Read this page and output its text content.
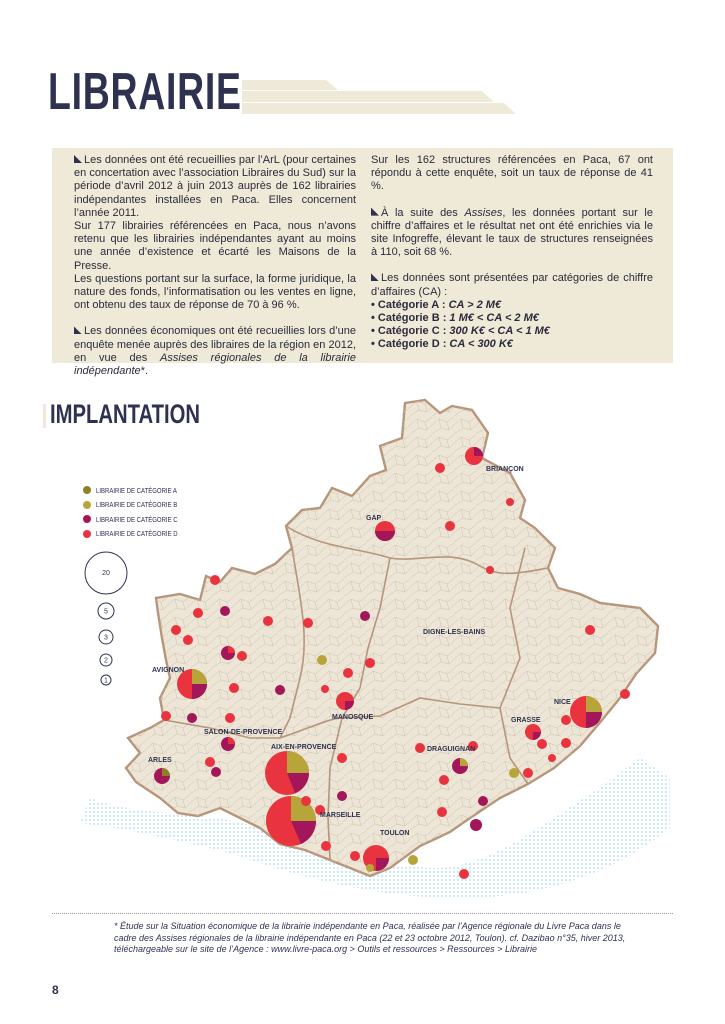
LIBRAIRIE

Les données ont été recueillies par l’ArL (pour certaines en concertation avec l’association Libraires du Sud) sur la période d’avril 2012 à juin 2013 auprès de 162 librairies indépendantes installées en Paca. Elles concernent l’année 2011.

Sur 177 librairies référencées en Paca, nous n’avons retenu que les librairies indépendantes ayant au moins une année d’existence et écarté les Maisons de la Presse.

Les questions portant sur la surface, la forme juridique, la nature des fonds, l’informatisation ou les ventes en ligne, ont obtenu des taux de réponse de 70 à 96 %.

Les données économiques ont été recueillies lors d’une enquête menée auprès des libraires de la région en 2012, en vue des Assises régionales de la librairie indépendante*.

Sur les 162 structures référencées en Paca, 67 ont répondu à cette enquête, soit un taux de réponse de 41 %.

À la suite des Assises, les données portant sur le chiffre d’affaires et le résultat net ont été enrichies via le site Infogreffe, élevant le taux de structures renseignées à 110, soit 68 %.

Les données sont présentées par catégories de chiffre d’affaires (CA) :

• Catégorie A : CA > 2 M€
• Catégorie B : 1 M€ < CA < 2 M€
• Catégorie C : 300 K€ < CA < 1 M€
• Catégorie D : CA < 300 K€
IMPLANTATION
BRIANÇON
GAP
DIGNE-LES-BAINS
AVIGNON
MANOSQUE
NICE
GRASSE
SALON-DE-PROVENCE
AIX-EN-PROVENCE	DRAGUIGNAN
ARLES
MARSEILLE
TOULON
LIBRAIRIE DE CATÉGORIE A
LIBRAIRIE DE CATÉGORIE B
LIBRAIRIE DE CATÉGORIE C
LIBRAIRIE DE CATÉGORIE D
20
5
3
2
1
* Étude sur la Situation économique de la librairie indépendante en Paca, réalisée par l’Agence régionale du Livre Paca dans le cadre des Assises régionales de la librairie indépendante en Paca (22 et 23 octobre 2012, Toulon). cf. Dazibao n°35, hiver 2013, téléchargeable sur le site de l’Agence : www.livre-paca.org > Outils et ressources > Ressources > Librairie
8
